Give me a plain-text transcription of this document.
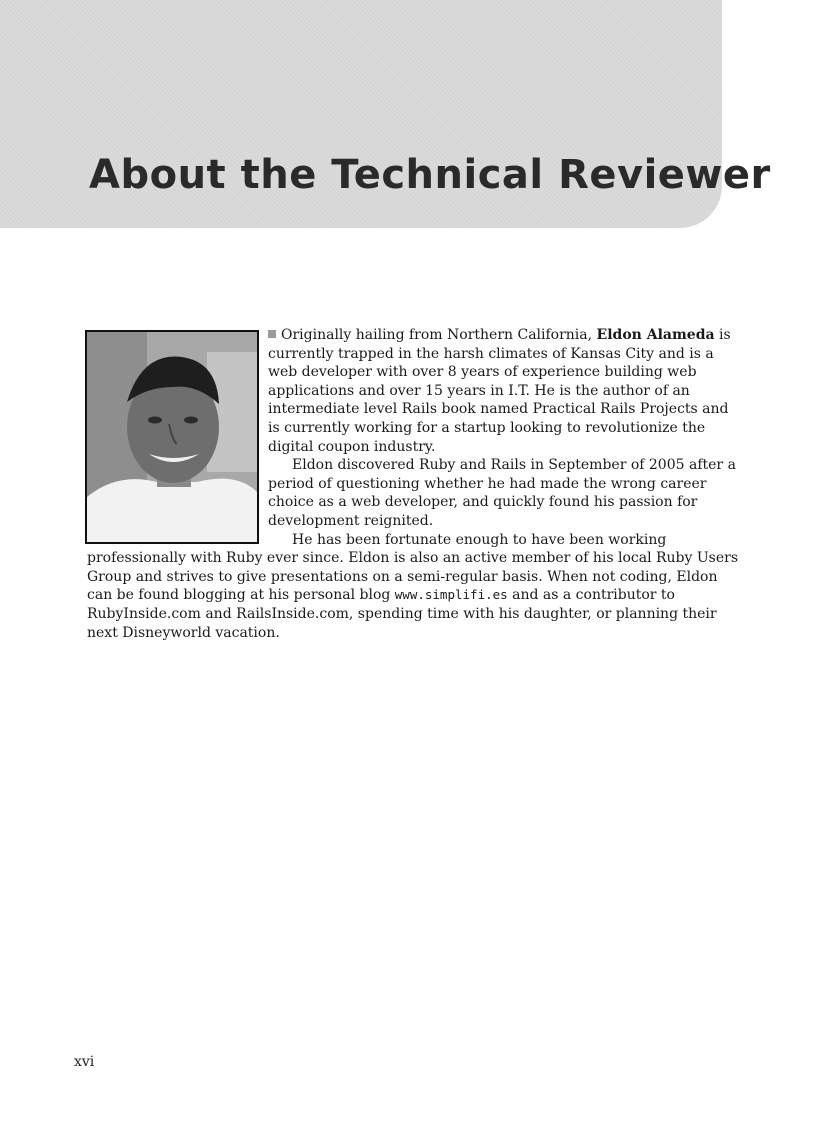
About the Technical Reviewer

Originally hailing from Northern California, Eldon Alameda is currently trapped in the harsh climates of Kansas City and is a web developer with over 8 years of experience building web applications and over 15 years in I.T. He is the author of an intermediate level Rails book named Practical Rails Projects and is currently working for a startup looking to revolutionize the digital coupon industry.

Eldon discovered Ruby and Rails in September of 2005 after a period of questioning whether he had made the wrong career choice as a web developer, and quickly found his passion for development reignited.

He has been fortunate enough to have been working professionally with Ruby ever since. Eldon is also an active member of his local Ruby Users Group and strives to give presentations on a semi-regular basis. When not coding, Eldon can be found blogging at his personal blog www.simplifi.es and as a contributor to RubyInside.com and RailsInside.com, spending time with his daughter, or planning their next Disneyworld vacation.

xvi
